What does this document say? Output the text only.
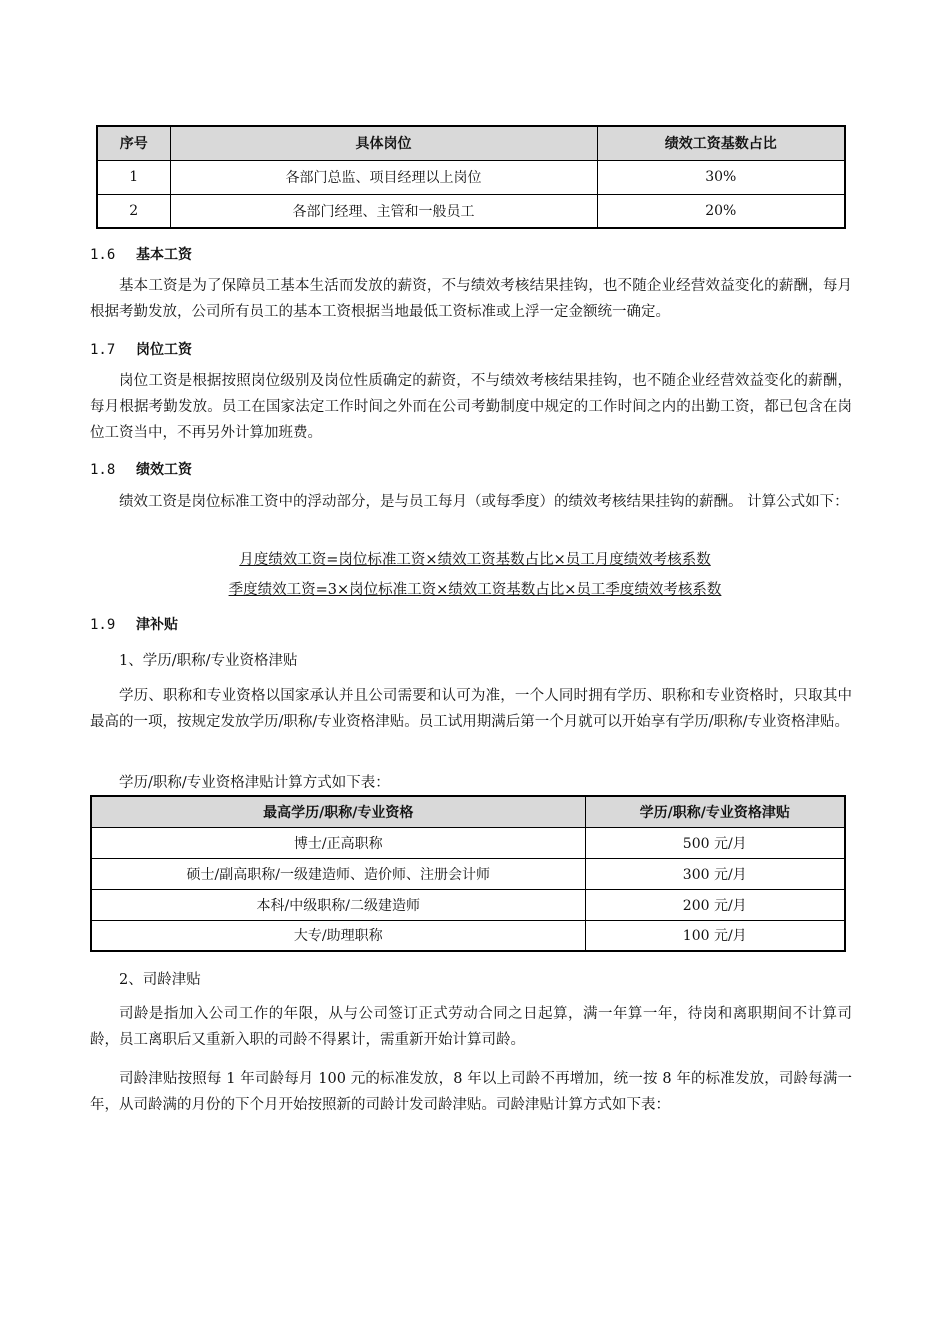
序号	具体岗位	绩效工资基数占比
1	各部门总监、项目经理以上岗位	30%
2	各部门经理、主管和一般员工	20%
1.6 基本工资
基本工资是为了保障员工基本生活而发放的薪资，不与绩效考核结果挂钩，也不随企业经营效益变化的薪酬，每月根据考勤发放，公司所有员工的基本工资根据当地最低工资标准或上浮一定金额统一确定。
1.7 岗位工资
岗位工资是根据按照岗位级别及岗位性质确定的薪资，不与绩效考核结果挂钩，也不随企业经营效益变化的薪酬，每月根据考勤发放。员工在国家法定工作时间之外而在公司考勤制度中规定的工作时间之内的出勤工资，都已包含在岗位工资当中，不再另外计算加班费。
1.8 绩效工资
绩效工资是岗位标准工资中的浮动部分，是与员工每月（或每季度）的绩效考核结果挂钩的薪酬。 计算公式如下：
月度绩效工资=岗位标准工资×绩效工资基数占比×员工月度绩效考核系数
季度绩效工资=3×岗位标准工资×绩效工资基数占比×员工季度绩效考核系数
1.9 津补贴
1、学历/职称/专业资格津贴
学历、职称和专业资格以国家承认并且公司需要和认可为准，一个人同时拥有学历、职称和专业资格时，只取其中最高的一项，按规定发放学历/职称/专业资格津贴。员工试用期满后第一个月就可以开始享有学历/职称/专业资格津贴。
学历/职称/专业资格津贴计算方式如下表：
最高学历/职称/专业资格	学历/职称/专业资格津贴
博士/正高职称	500 元/月
硕士/副高职称/一级建造师、造价师、注册会计师	300 元/月
本科/中级职称/二级建造师	200 元/月
大专/助理职称	100 元/月
2、司龄津贴
司龄是指加入公司工作的年限，从与公司签订正式劳动合同之日起算，满一年算一年，待岗和离职期间不计算司龄，员工离职后又重新入职的司龄不得累计，需重新开始计算司龄。
司龄津贴按照每 1 年司龄每月 100 元的标准发放，8 年以上司龄不再增加，统一按 8 年的标准发放，司龄每满一年，从司龄满的月份的下个月开始按照新的司龄计发司龄津贴。司龄津贴计算方式如下表：
